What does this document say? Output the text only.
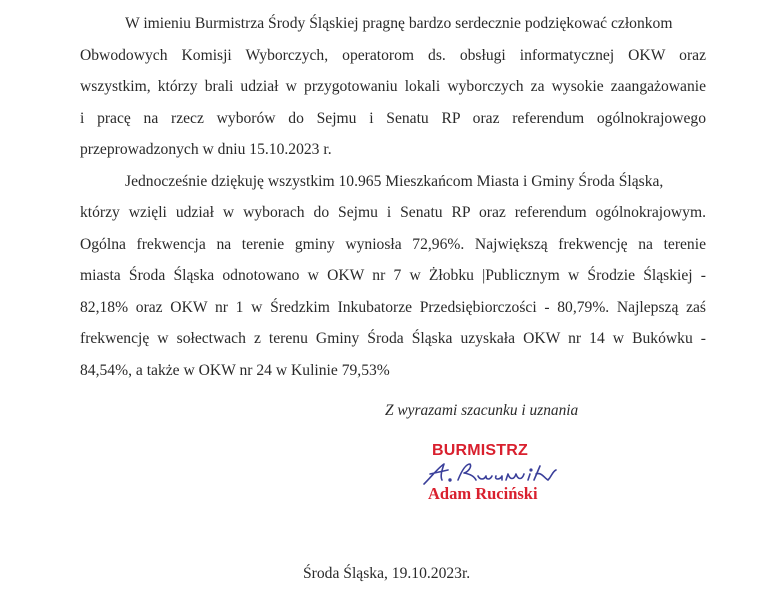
W imieniu Burmistrza Środy Śląskiej pragnę bardzo serdecznie podziękować członkom
Obwodowych Komisji Wyborczych, operatorom ds. obsługi informatycznej OKW oraz
wszystkim, którzy brali udział w przygotowaniu lokali wyborczych za wysokie zaangażowanie
i pracę na rzecz wyborów do Sejmu i Senatu RP oraz referendum ogólnokrajowego
przeprowadzonych w dniu 15.10.2023 r.
Jednocześnie dziękuję wszystkim 10.965 Mieszkańcom Miasta i Gminy Środa Śląska,
którzy wzięli udział w wyborach do Sejmu i Senatu RP oraz referendum ogólnokrajowym.
Ogólna frekwencja na terenie gminy wyniosła 72,96%. Największą frekwencję na terenie
miasta Środa Śląska odnotowano w OKW nr 7 w Żłobku |Publicznym w Środzie Śląskiej -
82,18% oraz OKW nr 1 w Średzkim Inkubatorze Przedsiębiorczości - 80,79%. Najlepszą zaś
frekwencję w sołectwach z terenu Gminy Środa Śląska uzyskała OKW nr 14 w Bukówku -
84,54%, a także w OKW nr 24 w Kulinie 79,53%
Z wyrazami szacunku i uznania
BURMISTRZ
Adam Ruciński
Środa Śląska, 19.10.2023r.
